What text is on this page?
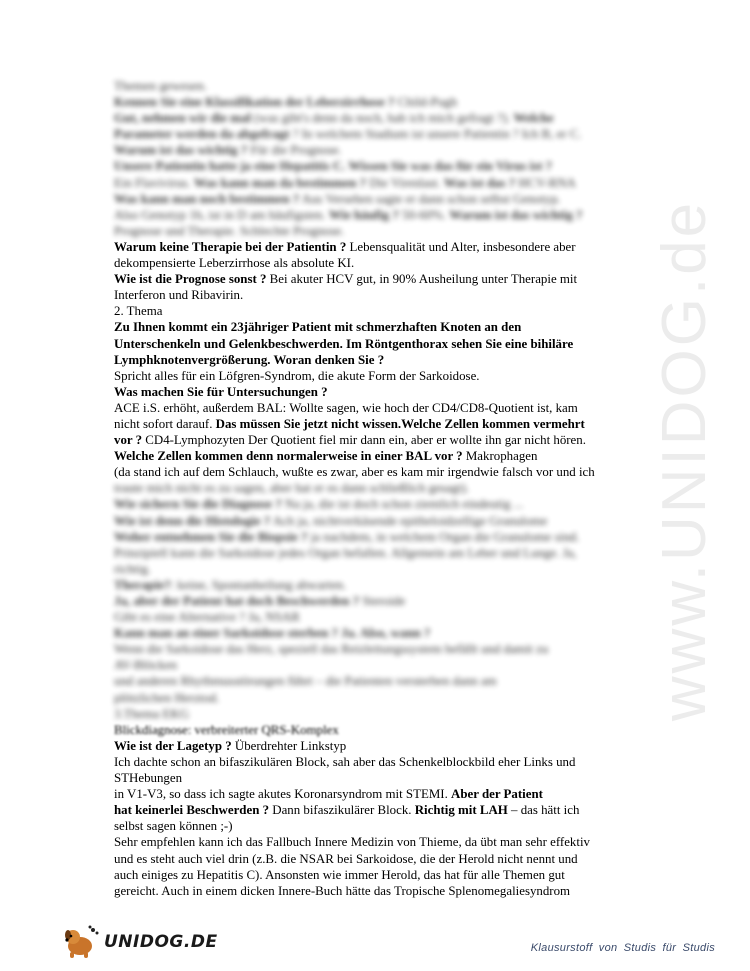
www.UNIDOG.de

Themen gewesen.

Kennen Sie eine Klassifikation der Leberzirrhose ? Child-Pugh

Gut, nehmen wir die mal (was gibt's denn da noch, hab ich mich gefragt ?). Welche

Parameter werden da abgefragt ? In welchem Stadium ist unsere Patientin ? Ich B, er C.

Warum ist das wichtig ? Für die Prognose.

Unsere Patientin hatte ja eine Hepatitis C. Wissen Sie was das für ein Virus ist ?

Ein Flavivirus. Was kann man da bestimmen ? Die Virenlast. Was ist das ? HCV-RNA

Was kann man noch bestimmen ? Aus Versehen sagte er dann schon selbst Genotyp.

Also Genotyp 1b, ist in D am häufigsten. Wie häufig ? 50-60%. Warum ist das wichtig ?

Prognose und Therapie. Schlechte Prognose.

Warum keine Therapie bei der Patientin ? Lebensqualität und Alter, insbesondere aber

dekompensierte Leberzirrhose als absolute KI.

Wie ist die Prognose sonst ? Bei akuter HCV gut, in 90% Ausheilung unter Therapie mit

Interferon und Ribavirin.

2. Thema

Zu Ihnen kommt ein 23jähriger Patient mit schmerzhaften Knoten an den

Unterschenkeln und Gelenkbeschwerden. Im Röntgenthorax sehen Sie eine bihiläre

Lymphknotenvergrößerung. Woran denken Sie ?

Spricht alles für ein Löfgren-Syndrom, die akute Form der Sarkoidose.

Was machen Sie für Untersuchungen ?

ACE i.S. erhöht, außerdem BAL: Wollte sagen, wie hoch der CD4/CD8-Quotient ist, kam

nicht sofort darauf. Das müssen Sie jetzt nicht wissen.Welche Zellen kommen vermehrt

vor ? CD4-Lymphozyten Der Quotient fiel mir dann ein, aber er wollte ihn gar nicht hören.

Welche Zellen kommen denn normalerweise in einer BAL vor ? Makrophagen

(da stand ich auf dem Schlauch, wußte es zwar, aber es kam mir irgendwie falsch vor und ich

traute mich nicht es zu sagen, aber hat er es dann schließlich gesagt).

Wie sichern Sie die Diagnose ? Na ja, die ist doch schon ziemlich eindeutig ...

Wie ist denn die Histologie ? Ach ja, nichtverkäsende epitheloidzellige Granulome

Woher entnehmen Sie die Biopsie ? ja nachdem, in welchem Organ die Granulome sind.

Prinzipiell kann die Sarkoidose jedes Organ befallen. Allgemein am Leber und Lunge. Ja,

richtig.

Therapie?: keine, Spontanheilung abwarten.

Ja, aber der Patient hat doch Beschwerden ? Steroide

Gibt es eine Alternative ? Ja, NSAR

Kann man an einer Sarkoidose sterben ? Ja. Also, wann ?

Wenn die Sarkoidose das Herz, speziell das Reizleitungssystem befällt und damit zu

AV-Blöcken

und anderen Rhythmusstörungen führt – die Patienten versterben dann am

plötzlichen Herztod.

3.Thema EKG

Blickdiagnose: verbreiterter QRS-Komplex

Wie ist der Lagetyp ? Überdrehter Linkstyp

Ich dachte schon an bifaszikulären Block, sah aber das Schenkelblockbild eher Links und

STHebungen

in V1-V3, so dass ich sagte akutes Koronarsyndrom mit STEMI. Aber der Patient

hat keinerlei Beschwerden ? Dann bifaszikulärer Block. Richtig mit LAH – das hätt ich

selbst sagen können ;-)

Sehr empfehlen kann ich das Fallbuch Innere Medizin von Thieme, da übt man sehr effektiv

und es steht auch viel drin (z.B. die NSAR bei Sarkoidose, die der Herold nicht nennt und

auch einiges zu Hepatitis C). Ansonsten wie immer Herold, das hat für alle Themen gut

gereicht. Auch in einem dicken Innere-Buch hätte das Tropische Splenomegaliesyndrom

UNIDOG.DE	Klausurstoff von Studis für Studis
